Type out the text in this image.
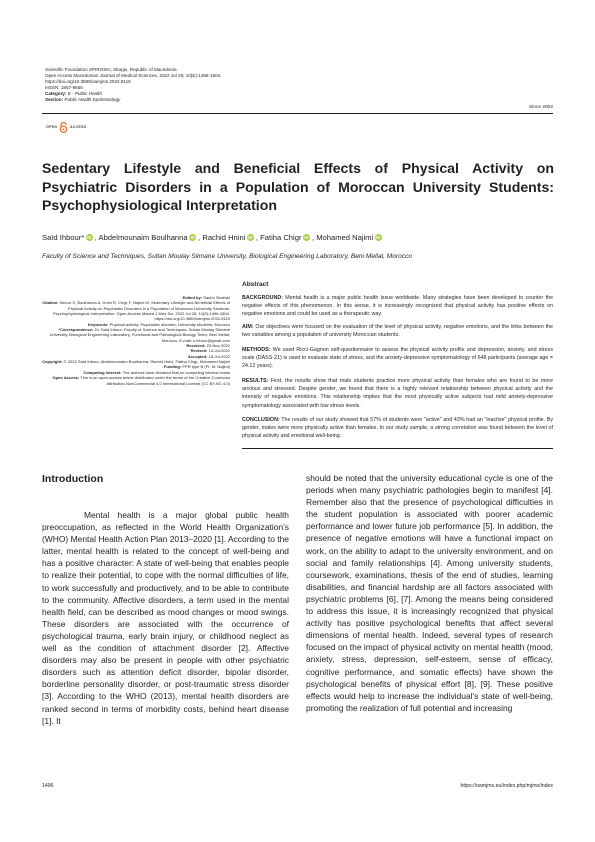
Scientific Foundation SPIROSKI, Skopje, Republic of Macedonia
Open Access Macedonian Journal of Medical Sciences. 2022 Jul 28; 10(E):1496-1504.
https://doi.org/10.3889/oamjms.2022.8119
eISSN: 1857-9655
Category: E - Public Health
Section: Public Health Epidemiology
Since 2002
OPEN	ACCESS
Sedentary Lifestyle and Beneficial Effects of Physical Activity on Psychiatric Disorders in a Population of Moroccan University Students: Psychophysiological Interpretation
Saïd Ihbour* iD , Abdelmounaim Boulhanna iD , Rachid Hnini iD , Fatiha Chigr iD , Mohamed Najimi iD
Faculty of Science and Techniques, Sultan Moulay Slimane University, Biological Engineering Laboratory, Beni Mellal, Morocco

Edited by: Sasho Stoleski

Citation: Ihbour S, Boulhanna A, Hnini R, Chigr F, Najimi M. Sedentary Lifestyle and Beneficial Effects of Physical Activity on Psychiatric Disorders in a Population of Moroccan University Students: Psychophysiological Interpretation. Open-Access Maced J Med Sci. 2022 Jul 28; 10(E):1496-1504. https://doi.org/10.3889/oamjms.2022.8119

Keywords: Physical activity; Psychiatric disorder; University students; Morocco

*Correspondence: Dr. Saïd Ihbour, Faculty of Science and Techniques, Sultan Moulay Slimane University, Biological Engineering Laboratory, Functional and Pathological Biology Team, Beni Mellal, Morocco. E-mail: s.ihbour@gmail.com

Received: 23-Nov-2021

Revised: 14-Jul-2022

Accepted: 18-Jul-2022

Copyright: © 2022 Saïd Ihbour, Abdelmounaim Boulhanna, Rachid Hnini, Fatiha Chigr, Mohamed Najimi

Funding: PPR type B (Pr. M. Najimi)

Competing Interest: The authors have declared that no competing interest exists

Open Access: This is an open-access article distributed under the terms of the Creative Commons Attribution-NonCommercial 4.0 International License (CC BY-NC 4.0)

Abstract

BACKGROUND: Mental health is a major public health issue worldwide. Many strategies have been developed to counter the negative effects of this phenomenon. In this sense, it is increasingly recognized that physical activity has positive effects on negative emotions and could be used as a therapeutic way.

AIM: Our objectives were focused on the evaluation of the level of physical activity, negative emotions, and the links between the two variables among a population of university Moroccan students.

METHODS: We used Ricci-Gagnon self-questionnaire to assess the physical activity profile and depression, anxiety, and stress scale (DASS-21) is used to evaluate state of stress, and the anxiety-depressive symptomatology of 648 participants (average age = 24.12 years).

RESULTS: First, the results show that male students practice more physical activity than females who are found to be more anxious and stressed. Despite gender, we found that there is a highly relevant relationship between physical activity and the intensity of negative emotions. This relationship implies that the most physically active subjects had mild anxiety-depressive symptomatology associated with low stress levels.

CONCLUSION: The results of our study showed that 57% of students were "active" and 43% had an "inactive" physical profile. By gender, males were more physically active than females. In our study sample, a strong correlation was found between the level of physical activity and emotional well-being.

Introduction

Mental health is a major global public health preoccupation, as reflected in the World Health Organization's (WHO) Mental Health Action Plan 2013–2020 [1]. According to the latter, mental health is related to the concept of well-being and has a positive character: A state of well-being that enables people to realize their potential, to cope with the normal difficulties of life, to work successfully and productively, and to be able to contribute to the community. Affective disorders, a term used in the mental health field, can be described as mood changes or mood swings. These disorders are associated with the occurrence of psychological trauma, early brain injury, or childhood neglect as well as the condition of attachment disorder [2]. Affective disorders may also be present in people with other psychiatric disorders such as attention deficit disorder, bipolar disorder, borderline personality disorder, or post-traumatic stress disorder [3]. According to the WHO (2013), mental health disorders are ranked second in terms of morbidity costs, behind heart disease [1]. It

should be noted that the university educational cycle is one of the periods when many psychiatric pathologies begin to manifest [4]. Remember also that the presence of psychological difficulties in the student population is associated with poorer academic performance and lower future job performance [5]. In addition, the presence of negative emotions will have a functional impact on work, on the ability to adapt to the university environment, and on social and family relationships [4]. Among university students, coursework, examinations, thesis of the end of studies, learning disabilities, and financial hardship are all factors associated with psychiatric problems [6], [7]. Among the means being considered to address this issue, it is increasingly recognized that physical activity has positive psychological benefits that affect several dimensions of mental health. Indeed, several types of research focused on the impact of physical activity on mental health (mood, anxiety, stress, depression, self-esteem, sense of efficacy, cognitive performance, and somatic effects) have shown the psychological benefits of physical effort [8], [9]. These positive effects would help to increase the individual's state of well-being, promoting the realization of full potential and increasing

1496	https://oamjms.eu/index.php/mjms/index
